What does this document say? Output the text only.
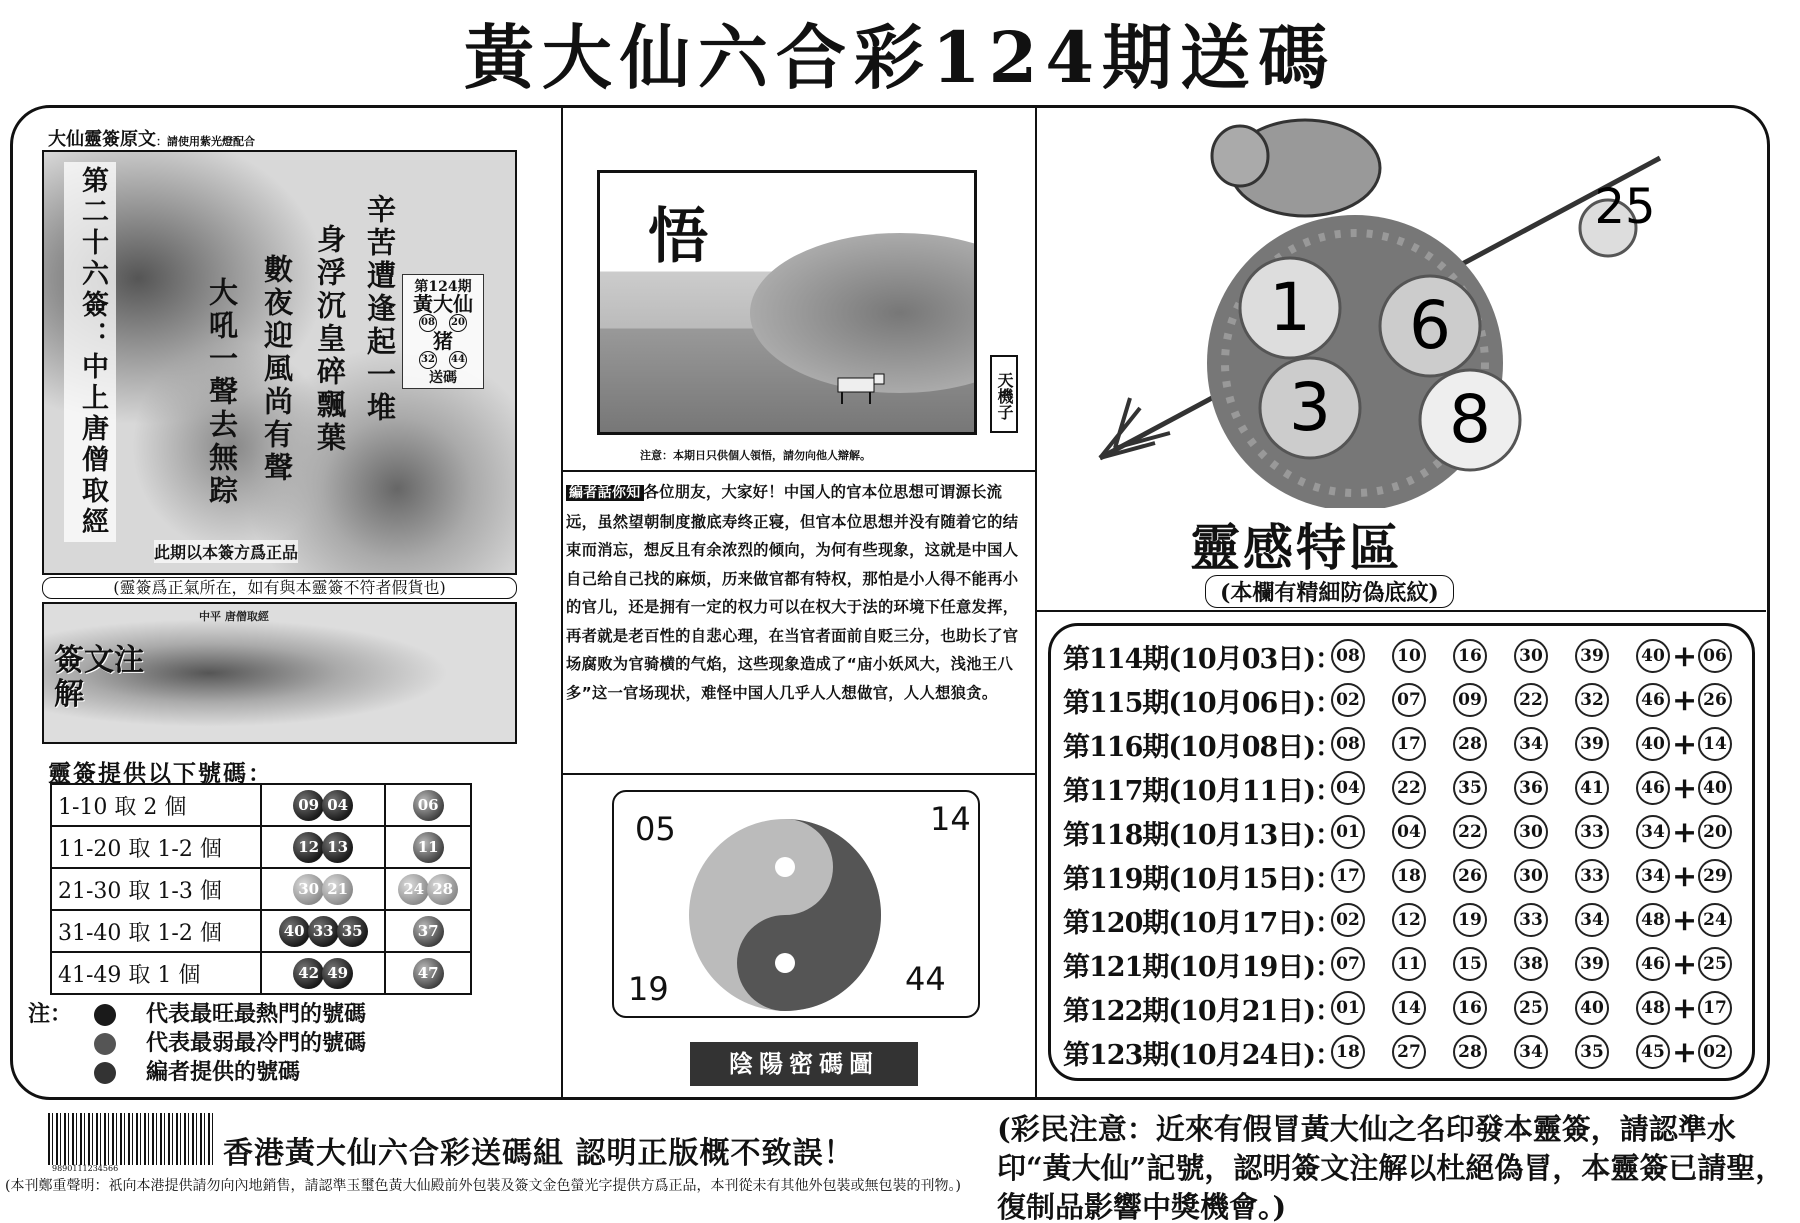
黃大仙六合彩124期送碼
大仙靈簽原文：請使用紫光燈配合
第二十六簽：中上唐僧取經	辛苦遭逢起一堆
身浮沉皇碎飄葉
數夜迎風尚有聲
大吼一聲去無踪	第124期
黃大仙
08 20
猪
32 44
送碼
此期以本簽方爲正品
(靈簽爲正氣所在，如有與本靈簽不符者假貨也)
簽文注解
中平 唐僧取經
靈簽提供以下號碼：
1-10 取 2 個	09 04	06
11-20 取 1-2 個	12 13	11
21-30 取 1-3 個	30 21	24 28
31-40 取 1-2 個	40 33 35	37
41-49 取 1 個	42 49	47
注：	代表最旺最熱門的號碼
代表最弱最冷門的號碼
編者提供的號碼
悟
天機子
注意：本期日只供個人領悟，請勿向他人辯解。
編者話你知 各位朋友，大家好！中国人的官本位思想可谓源长流远，虽然望朝制度撤底寿终正寝，但官本位思想并没有随着它的结束而消忘，想反且有余浓烈的倾向，为何有些现象，这就是中国人自己给自己找的麻烦，历来做官都有特权，那怕是小人得不能再小的官儿，还是拥有一定的权力可以在权大于法的环境下任意发挥，再者就是老百性的自悲心理，在当官者面前自贬三分，也助长了官场腐败为官骑横的气焰，这些现象造成了“庙小妖风大，浅池王八多”这一官场现状，难怪中国人几乎人人想做官，人人想狼贪。
05	14
19	44
陰陽密碼圖
1 6
3 8
25
靈感特區
(本欄有精細防偽底紋)
第114期(10月03日)：
08	10	16	30	39	40 + 06
第115期(10月06日)：
02	07	09	22	32	46 + 26
第116期(10月08日)：
08	17	28	34	39	40 + 14
第117期(10月11日)：
04	22	35	36	41	46 + 40
第118期(10月13日)：
01	04	22	30	33	34 + 20
第119期(10月15日)：
17	18	26	30	33	34 + 29
第120期(10月17日)：
02	12	19	33	34	48 + 24
第121期(10月19日)：
07	11	15	38	39	46 + 25
第122期(10月21日)：
01	14	16	25	40	48 + 17
第123期(10月24日)：
18	27	28	34	35	45 + 02
9890111234566	香港黃大仙六合彩送碼組 認明正版概不致誤！
(本刊鄭重聲明：祇向本港提供請勿向內地銷售，請認準玉璽色黃大仙殿前外包裝及簽文金色螢光字提供方爲正品，本刊從未有其他外包裝或無包裝的刊物。)
(彩民注意：近來有假冒黃大仙之名印發本靈簽，請認準水印“黃大仙”記號，認明簽文注解以杜絕偽冒，本靈簽已請聖，復制品影響中獎機會。)
